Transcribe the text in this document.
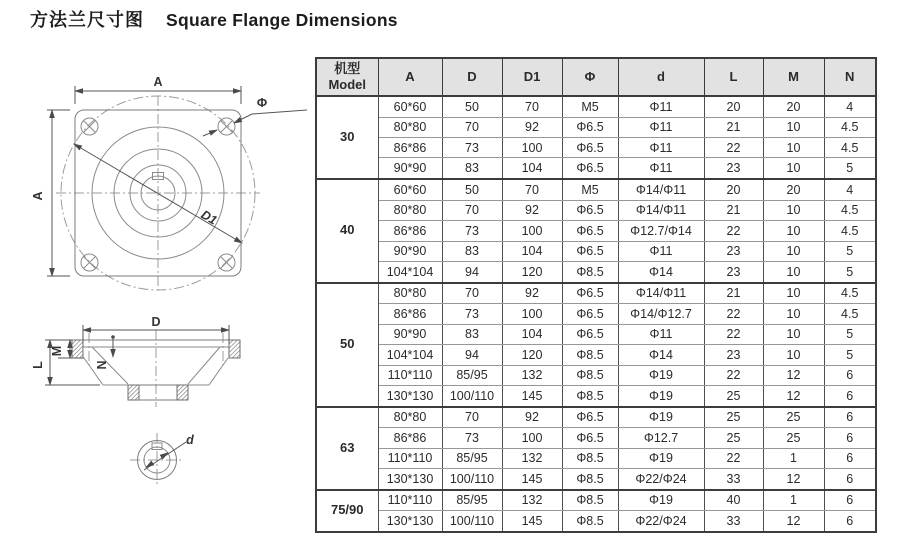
A
A
D1
Φ
D
L
M
N
d
方法兰尺寸图 Square Flange Dimensions
机型
Model	A	D	D1	Φ	d	L	M	N
30	60*60	50	70	M5	Φ11	20	20	4
	80*80	70	92	Φ6.5	Φ11	21	10	4.5
	86*86	73	100	Φ6.5	Φ11	22	10	4.5
	90*90	83	104	Φ6.5	Φ11	23	10	5
40	60*60	50	70	M5	Φ14/Φ11	20	20	4
	80*80	70	92	Φ6.5	Φ14/Φ11	21	10	4.5
	86*86	73	100	Φ6.5	Φ12.7/Φ14	22	10	4.5
	90*90	83	104	Φ6.5	Φ11	23	10	5
	104*104	94	120	Φ8.5	Φ14	23	10	5
50	80*80	70	92	Φ6.5	Φ14/Φ11	21	10	4.5
	86*86	73	100	Φ6.5	Φ14/Φ12.7	22	10	4.5
	90*90	83	104	Φ6.5	Φ11	22	10	5
	104*104	94	120	Φ8.5	Φ14	23	10	5
	110*110	85/95	132	Φ8.5	Φ19	22	12	6
	130*130	100/110	145	Φ8.5	Φ19	25	12	6
63	80*80	70	92	Φ6.5	Φ19	25	25	6
	86*86	73	100	Φ6.5	Φ12.7	25	25	6
	110*110	85/95	132	Φ8.5	Φ19	22	1	6
	130*130	100/110	145	Φ8.5	Φ22/Φ24	33	12	6
75/90	110*110	85/95	132	Φ8.5	Φ19	40	1	6
	130*130	100/110	145	Φ8.5	Φ22/Φ24	33	12	6
